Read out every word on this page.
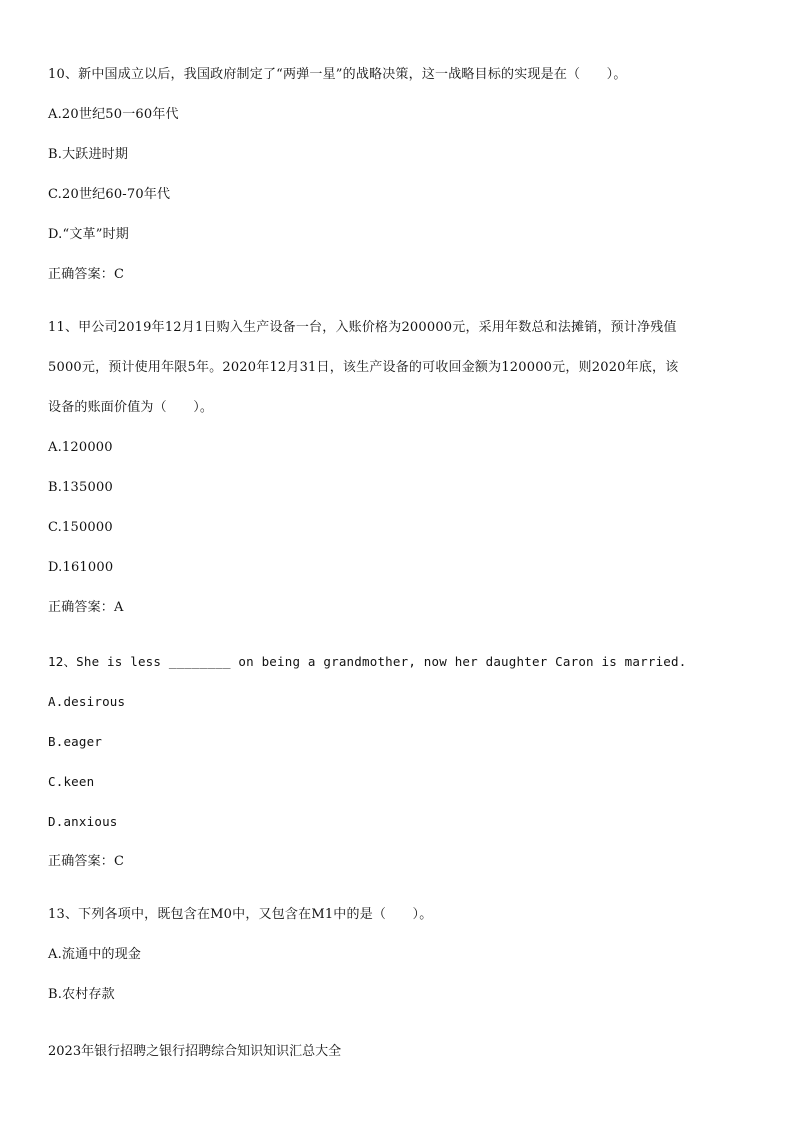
10、新中国成立以后，我国政府制定了“两弹一星”的战略决策，这一战略目标的实现是在（　　）。
A.20世纪50一60年代
B.大跃进时期
C.20世纪60-70年代
D.“文革”时期
正确答案：C
11、甲公司2019年12月1日购入生产设备一台，入账价格为200000元，采用年数总和法摊销，预计净残值
5000元，预计使用年限5年。2020年12月31日，该生产设备的可收回金额为120000元，则2020年底，该
设备的账面价值为（　　）。
A.120000
B.135000
C.150000
D.161000
正确答案：A
12、She is less ________ on being a grandmother, now her daughter Caron is married.
A.desirous
B.eager
C.keen
D.anxious
正确答案：C
13、下列各项中，既包含在M0中，又包含在M1中的是（　　）。
A.流通中的现金
B.农村存款
2023年银行招聘之银行招聘综合知识知识汇总大全
